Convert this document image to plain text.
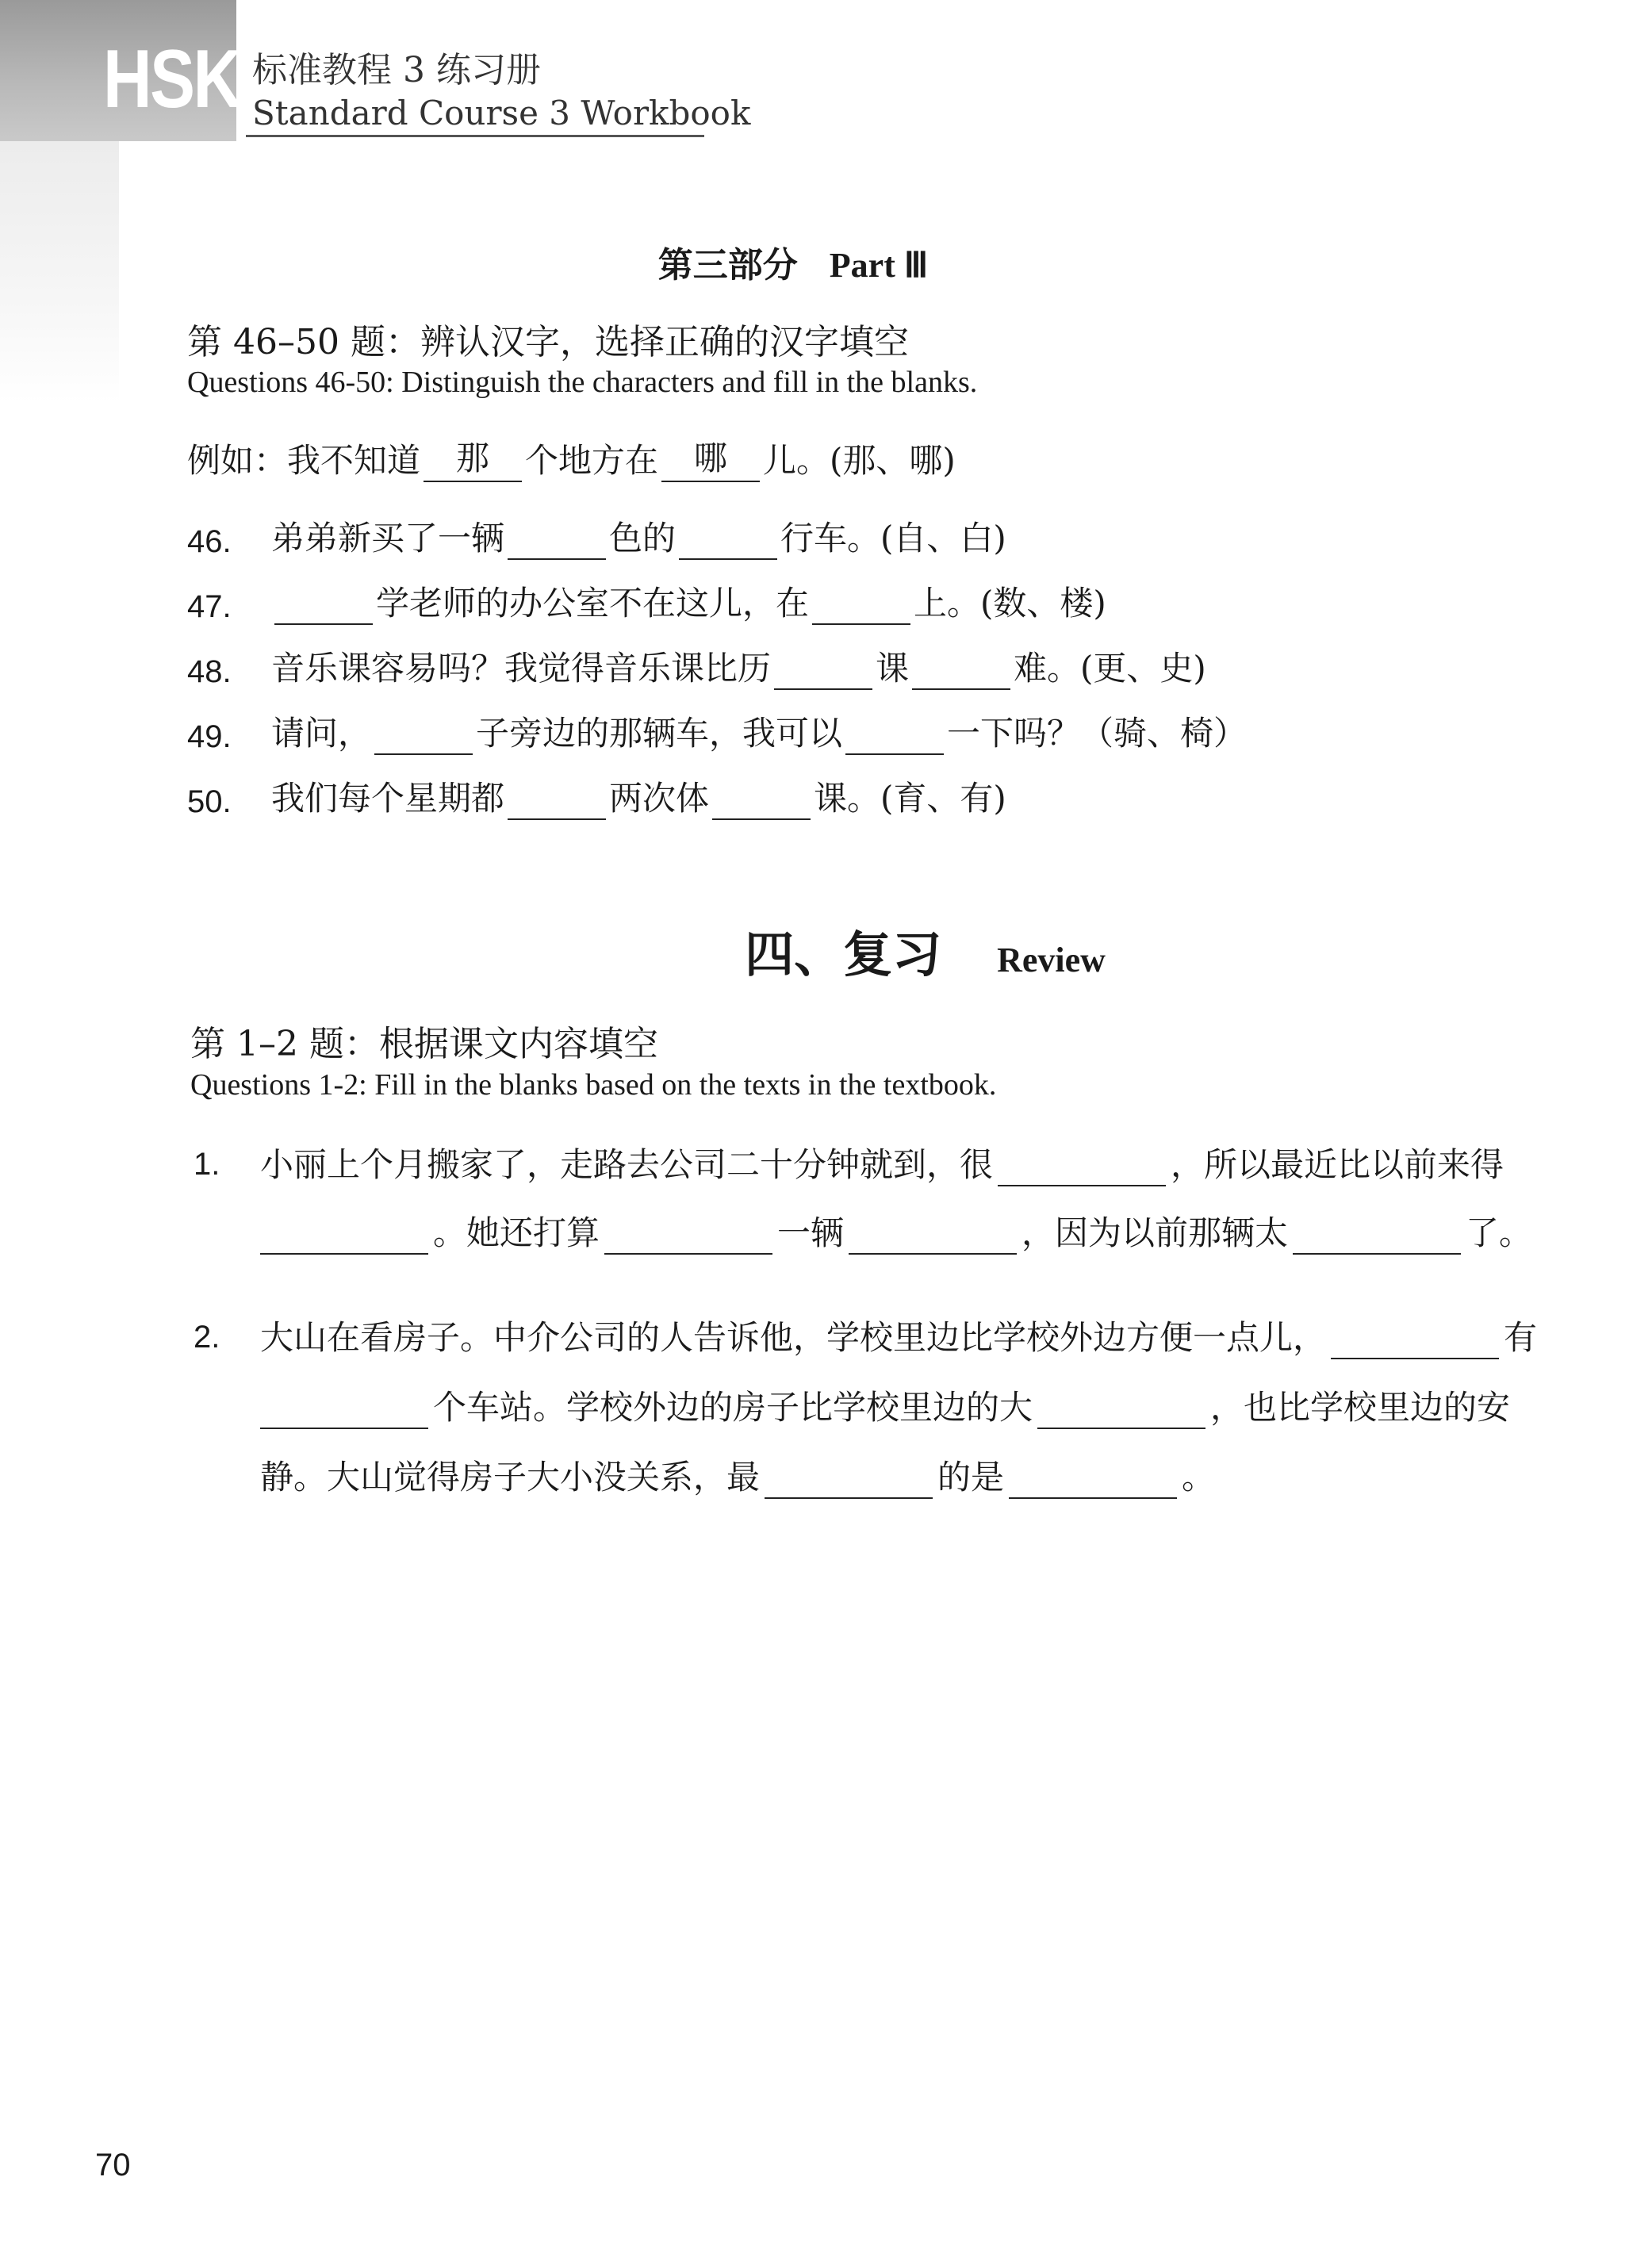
HSK 标准教程 3 练习册
Standard Course 3 Workbook
第三部分 Part Ⅲ
第 46–50 题：辨认汉字，选择正确的汉字填空
Questions 46-50: Distinguish the characters and fill in the blanks.
例如： 我不知道	那	个地方在	哪	儿。(那、哪)
46.	弟弟新买了一辆	色的	行车。(自、白)
47.	学老师的办公室不在这儿，在	上。(数、楼)
48.	音乐课容易吗？我觉得音乐课比历	课	难。(更、史)
49.	请问，	子旁边的那辆车，我可以	一下吗？（骑、椅）
50.	我们每个星期都	两次体	课。(育、有)
四、复习 Review
第 1–2 题：根据课文内容填空
Questions 1-2: Fill in the blanks based on the texts in the textbook.
1. 小丽上个月搬家了，走路去公司二十分钟就到，很	，所以最近比以前来得
。她还打算	一辆	，因为以前那辆太	了。
2. 大山在看房子。中介公司的人告诉他，学校里边比学校外边方便一点儿，	有
个车站。学校外边的房子比学校里边的大	，也比学校里边的安
静。大山觉得房子大小没关系，最	的是	。
70
